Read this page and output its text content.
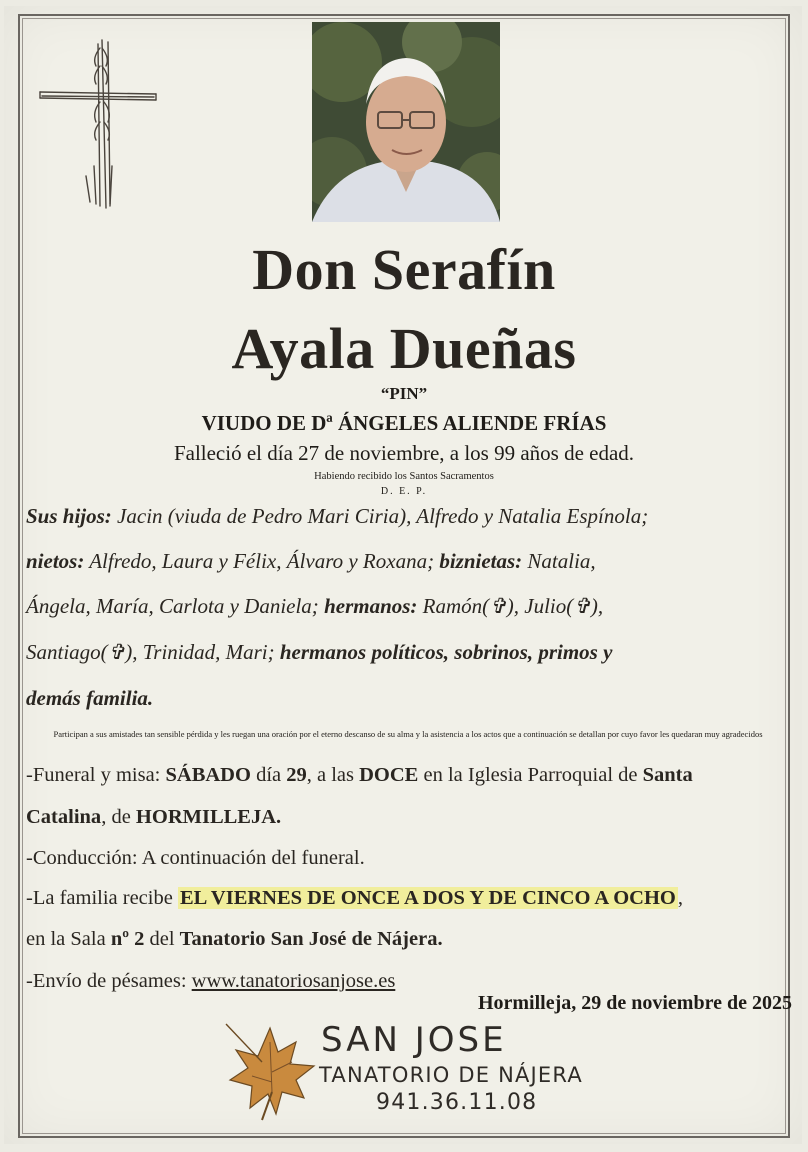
Don Serafín
Ayala Dueñas
“PIN”
VIUDO DE Dª ÁNGELES ALIENDE FRÍAS
Falleció el día 27 de noviembre, a los 99 años de edad.
Habiendo recibido los Santos Sacramentos
D. E. P.
Sus hijos: Jacin (viuda de Pedro Mari Ciria), Alfredo y Natalia Espínola;
nietos: Alfredo, Laura y Félix, Álvaro y Roxana; biznietas: Natalia,
Ángela, María, Carlota y Daniela; hermanos: Ramón(✞), Julio(✞),
Santiago(✞), Trinidad, Mari; hermanos políticos, sobrinos, primos y
demás familia.
Participan a sus amistades tan sensible pérdida y les ruegan una oración por el eterno descanso de su alma y la asistencia a los actos que a continuación se detallan por cuyo favor les quedaran muy agradecidos
-Funeral y misa: SÁBADO día 29, a las DOCE en la Iglesia Parroquial de Santa
Catalina, de HORMILLEJA.
-Conducción: A continuación del funeral.
-La familia recibe EL VIERNES DE ONCE A DOS Y DE CINCO A OCHO,
en la Sala nº 2 del Tanatorio San José de Nájera.
-Envío de pésames: www.tanatoriosanjose.es
Hormilleja, 29 de noviembre de 2025
SAN JOSE
TANATORIO DE NÁJERA
941.36.11.08
